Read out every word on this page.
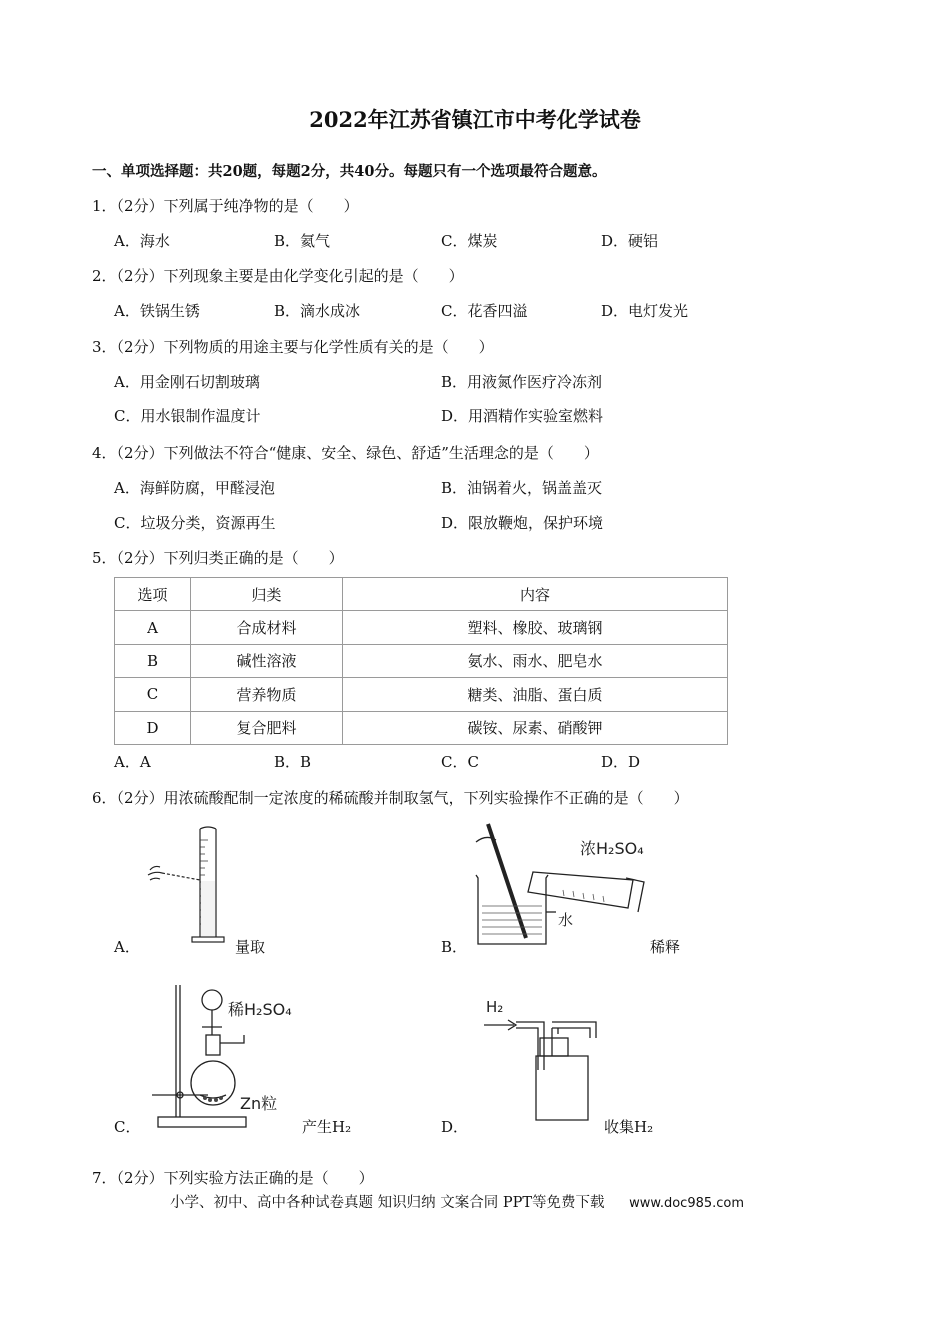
2022年江苏省镇江市中考化学试卷
一、单项选择题：共20题，每题2分，共40分。每题只有一个选项最符合题意。
1．（2分）下列属于纯净物的是（　　）
A．海水	B．氦气	C．煤炭	D．硬铝
2．（2分）下列现象主要是由化学变化引起的是（　　）
A．铁锅生锈	B．滴水成冰	C．花香四溢	D．电灯发光
3．（2分）下列物质的用途主要与化学性质有关的是（　　）
A．用金刚石切割玻璃	B．用液氮作医疗冷冻剂
C．用水银制作温度计	D．用酒精作实验室燃料
4．（2分）下列做法不符合“健康、安全、绿色、舒适”生活理念的是（　　）
A．海鲜防腐，甲醛浸泡	B．油锅着火，锅盖盖灭
C．垃圾分类，资源再生	D．限放鞭炮，保护环境
5．（2分）下列归类正确的是（　　）
选项	归类	内容
A	合成材料	塑料、橡胶、玻璃钢
B	碱性溶液	氨水、雨水、肥皂水
C	营养物质	糖类、油脂、蛋白质
D	复合肥料	碳铵、尿素、硝酸钾
A．A	B．B	C．C	D．D
6．（2分）用浓硫酸配制一定浓度的稀硫酸并制取氢气，下列实验操作不正确的是（　　）
A．	量取
浓H₂SO₄
水
B．	稀释
稀H₂SO₄
Zn粒
C．	产生H₂
H₂
D．	收集H₂
7．（2分）下列实验方法正确的是（　　）
小学、初中、高中各种试卷真题 知识归纳 文案合同 PPT等免费下载 www.doc985.com
